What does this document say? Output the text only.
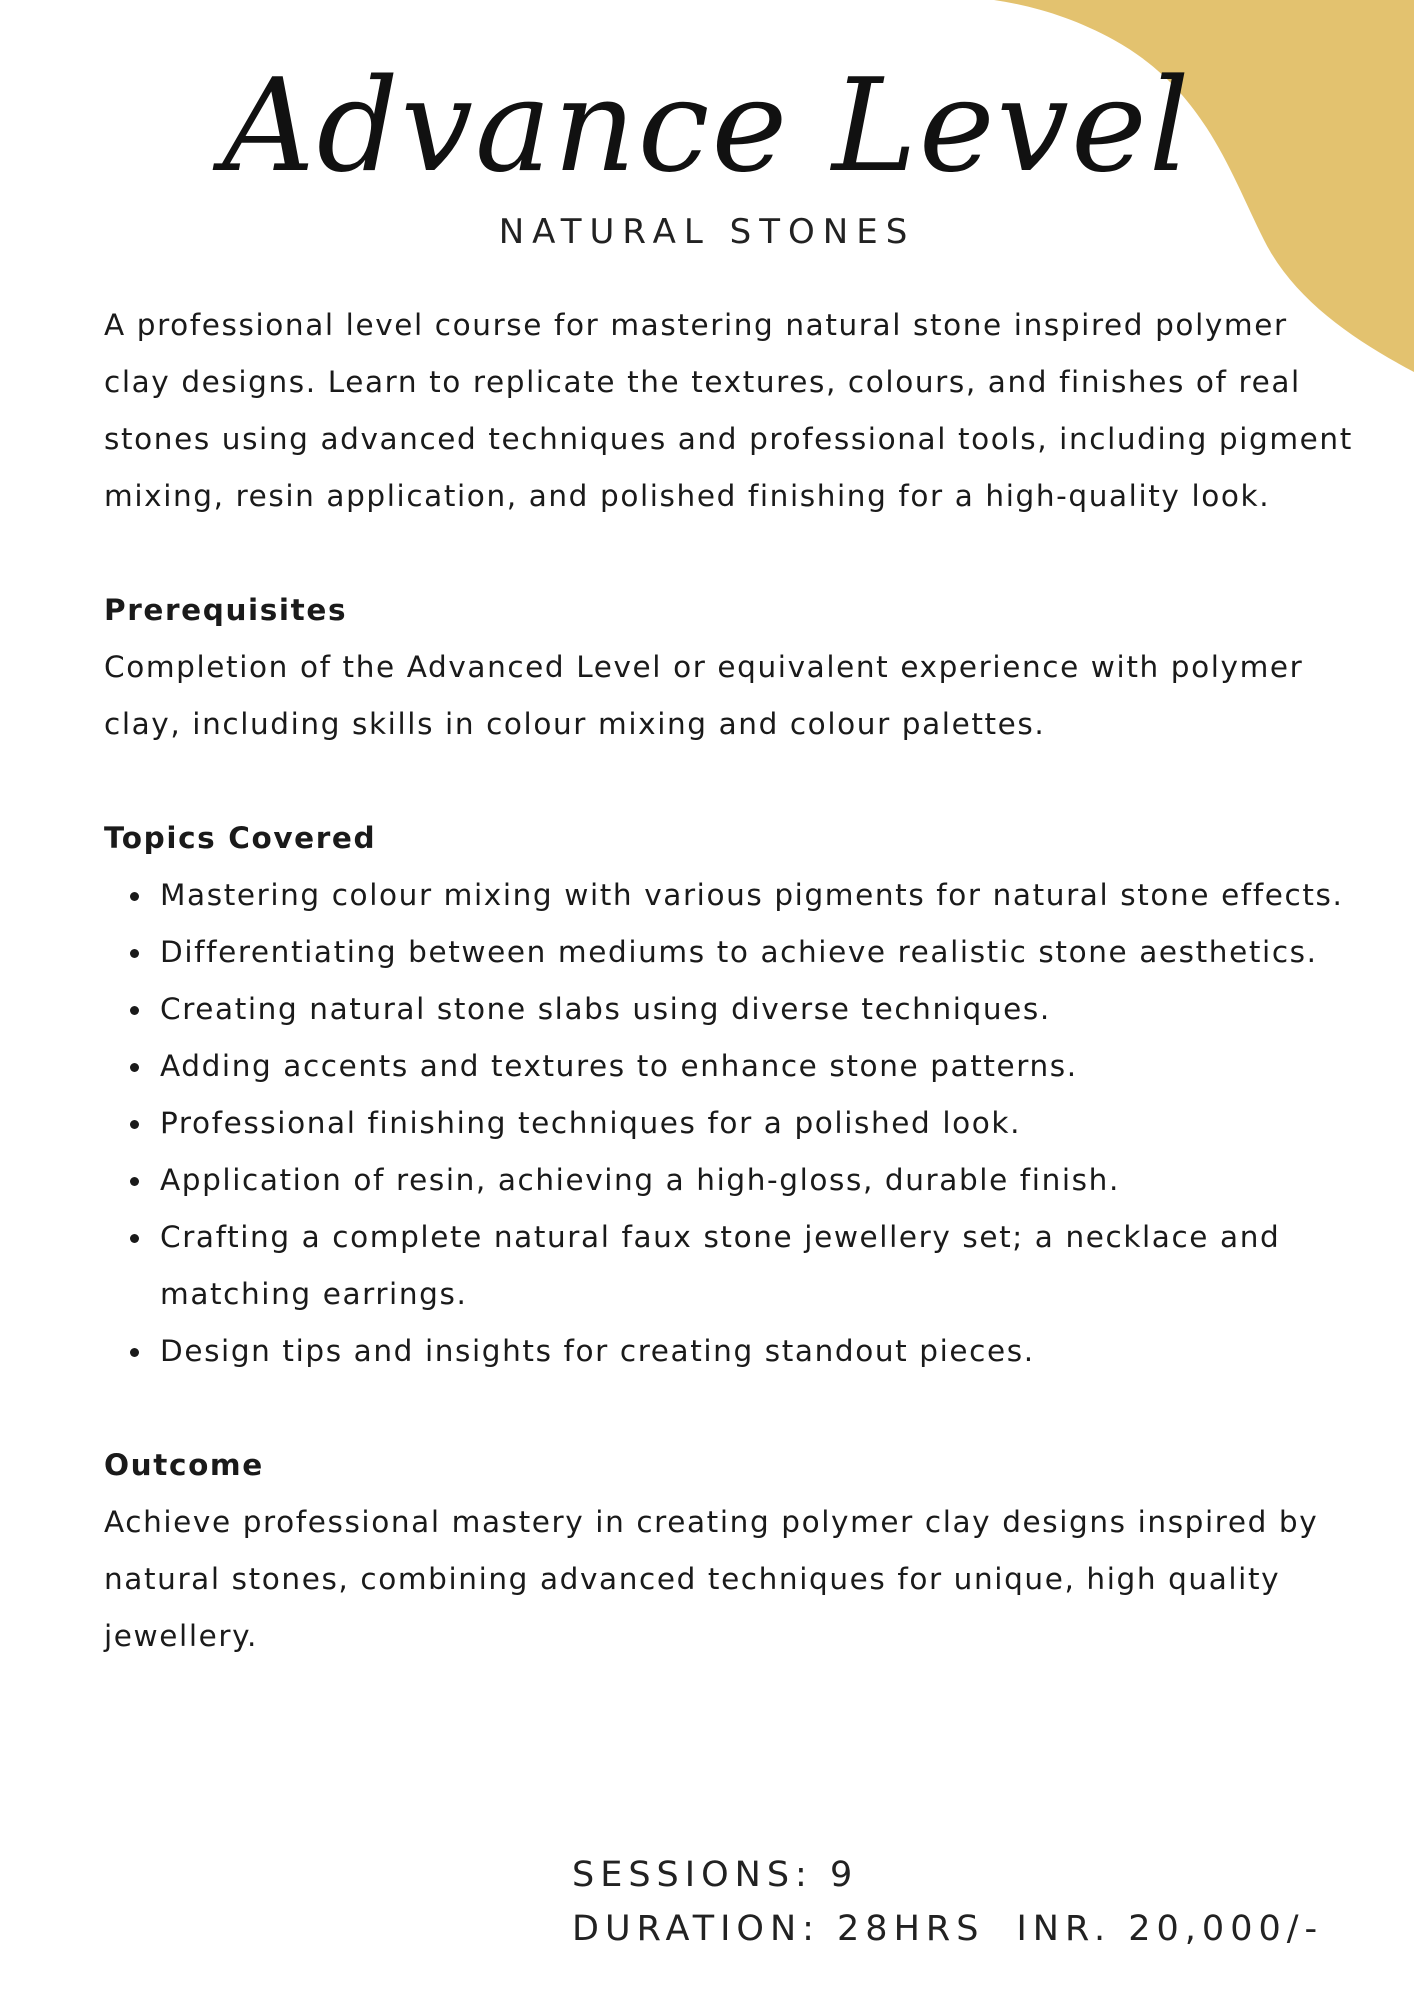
Advance Level
NATURAL STONES

A professional level course for mastering natural stone inspired polymer clay designs. Learn to replicate the textures, colours, and finishes of real stones using advanced techniques and professional tools, including pigment mixing, resin application, and polished finishing for a high-quality look.

Prerequisites

Completion of the Advanced Level or equivalent experience with polymer clay, including skills in colour mixing and colour palettes.

Topics Covered
Mastering colour mixing with various pigments for natural stone effects.
Differentiating between mediums to achieve realistic stone aesthetics.
Creating natural stone slabs using diverse techniques.
Adding accents and textures to enhance stone patterns.
Professional finishing techniques for a polished look.
Application of resin, achieving a high-gloss, durable finish.
Crafting a complete natural faux stone jewellery set; a necklace and matching earrings.
Design tips and insights for creating standout pieces.
Outcome

Achieve professional mastery in creating polymer clay designs inspired by natural stones, combining advanced techniques for unique, high quality jewellery.

SESSIONS: 9
DURATION: 28HRS INR. 20,000/-
